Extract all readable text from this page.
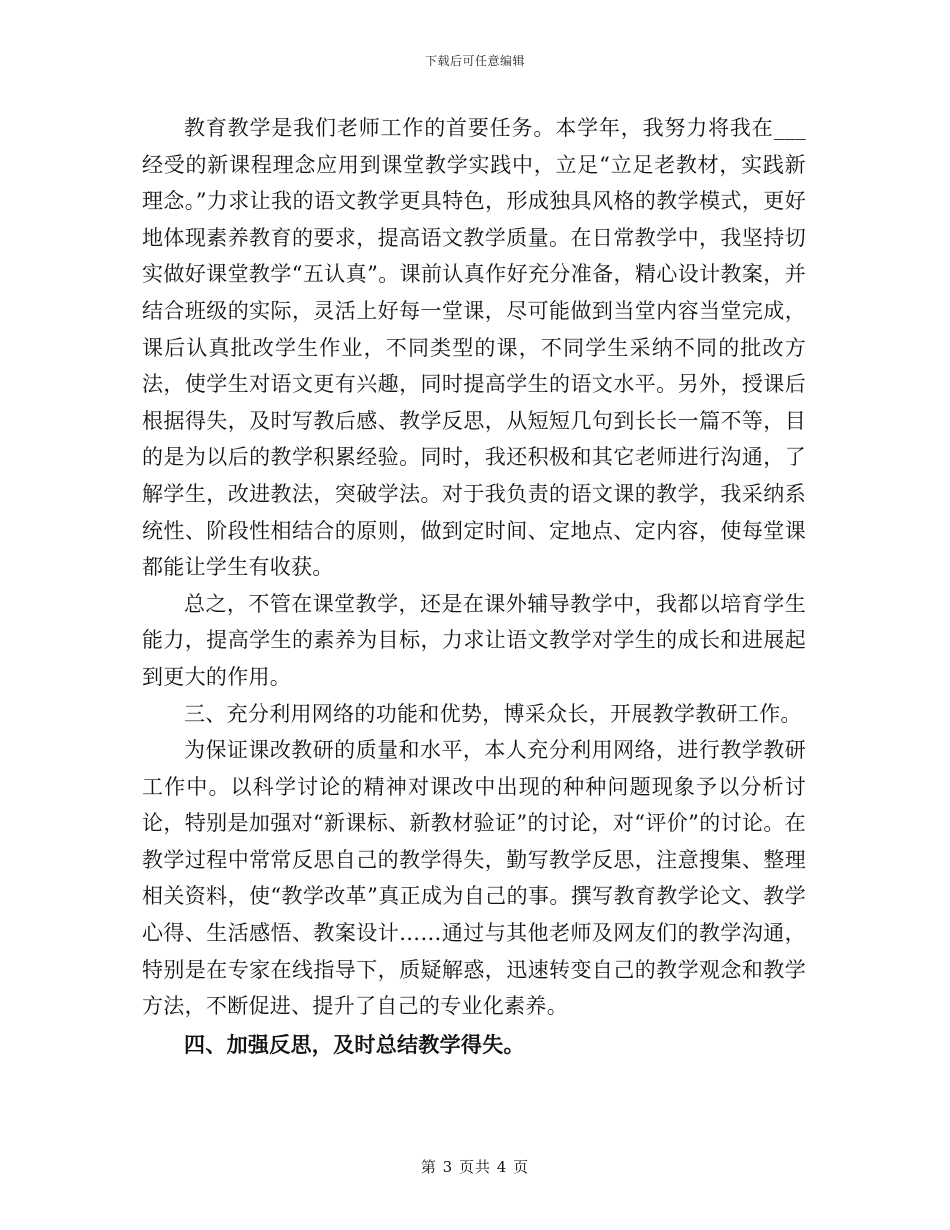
下载后可任意编辑

教育教学是我们老师工作的首要任务。本学年，我努力将我在___经受的新课程理念应用到课堂教学实践中，立足“立足老教材，实践新理念。”力求让我的语文教学更具特色，形成独具风格的教学模式，更好地体现素养教育的要求，提高语文教学质量。在日常教学中，我坚持切实做好课堂教学“五认真”。课前认真作好充分准备，精心设计教案，并结合班级的实际，灵活上好每一堂课，尽可能做到当堂内容当堂完成，课后认真批改学生作业，不同类型的课，不同学生采纳不同的批改方法，使学生对语文更有兴趣，同时提高学生的语文水平。另外，授课后根据得失，及时写教后感、教学反思，从短短几句到长长一篇不等，目的是为以后的教学积累经验。同时，我还积极和其它老师进行沟通，了解学生，改进教法，突破学法。对于我负责的语文课的教学，我采纳系统性、阶段性相结合的原则，做到定时间、定地点、定内容，使每堂课都能让学生有收获。

总之，不管在课堂教学，还是在课外辅导教学中，我都以培育学生能力，提高学生的素养为目标，力求让语文教学对学生的成长和进展起到更大的作用。

三、充分利用网络的功能和优势，博采众长，开展教学教研工作。

为保证课改教研的质量和水平，本人充分利用网络，进行教学教研工作中。以科学讨论的精神对课改中出现的种种问题现象予以分析讨论，特别是加强对“新课标、新教材验证”的讨论，对“评价”的讨论。在教学过程中常常反思自己的教学得失，勤写教学反思，注意搜集、整理相关资料，使“教学改革”真正成为自己的事。撰写教育教学论文、教学心得、生活感悟、教案设计……通过与其他老师及网友们的教学沟通，特别是在专家在线指导下，质疑解惑，迅速转变自己的教学观念和教学方法，不断促进、提升了自己的专业化素养。

四、加强反思，及时总结教学得失。

第 3 页共 4 页
